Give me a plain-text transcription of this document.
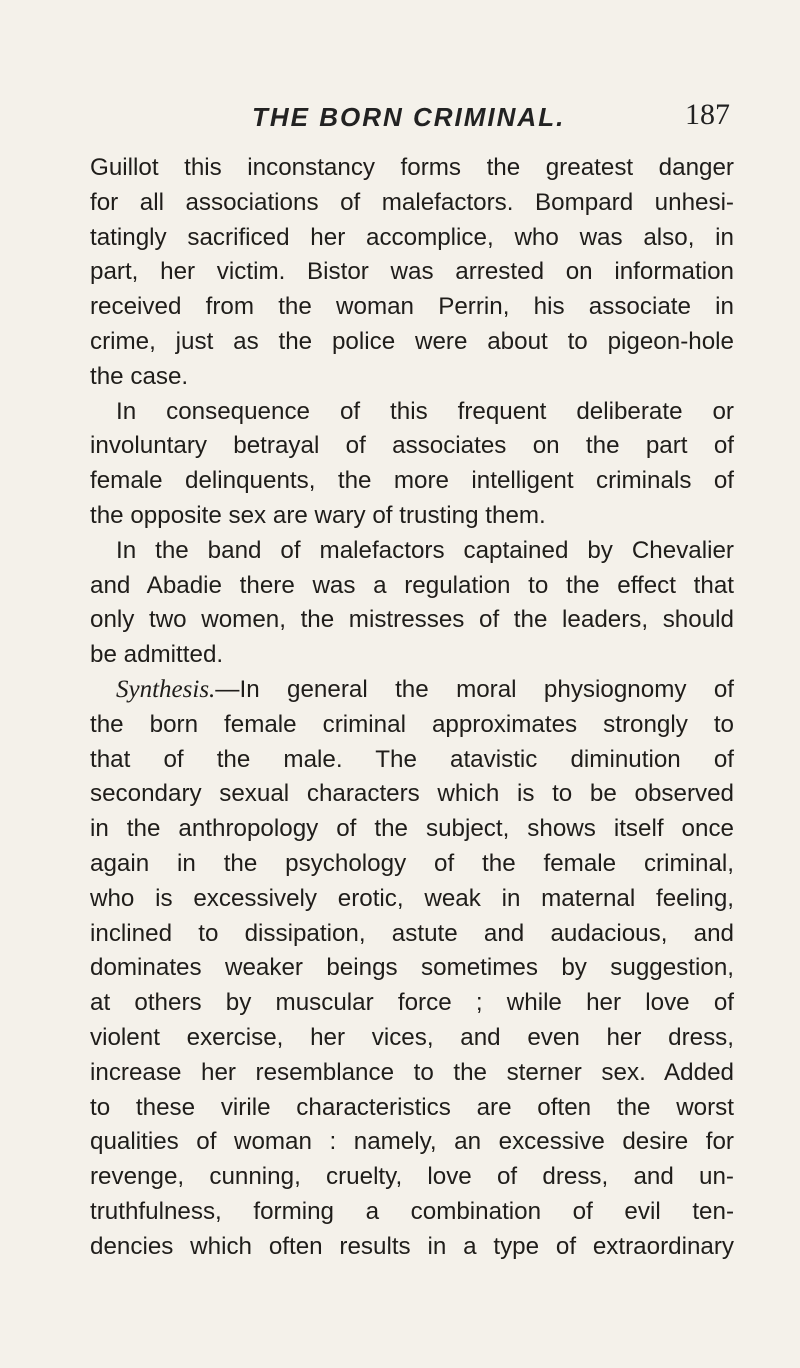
THE BORN CRIMINAL.	187
Guillot this inconstancy forms the greatest danger
for all associations of malefactors. Bompard unhesi-
tatingly sacrificed her accomplice, who was also, in
part, her victim. Bistor was arrested on information
received from the woman Perrin, his associate in
crime, just as the police were about to pigeon-hole
the case.
In consequence of this frequent deliberate or
involuntary betrayal of associates on the part of
female delinquents, the more intelligent criminals of
the opposite sex are wary of trusting them.
In the band of malefactors captained by Chevalier
and Abadie there was a regulation to the effect that
only two women, the mistresses of the leaders, should
be admitted.
Synthesis.—In general the moral physiognomy of
the born female criminal approximates strongly to
that of the male. The atavistic diminution of
secondary sexual characters which is to be observed
in the anthropology of the subject, shows itself once
again in the psychology of the female criminal,
who is excessively erotic, weak in maternal feeling,
inclined to dissipation, astute and audacious, and
dominates weaker beings sometimes by suggestion,
at others by muscular force ; while her love of
violent exercise, her vices, and even her dress,
increase her resemblance to the sterner sex. Added
to these virile characteristics are often the worst
qualities of woman : namely, an excessive desire for
revenge, cunning, cruelty, love of dress, and un-
truthfulness, forming a combination of evil ten-
dencies which often results in a type of extraordinary
